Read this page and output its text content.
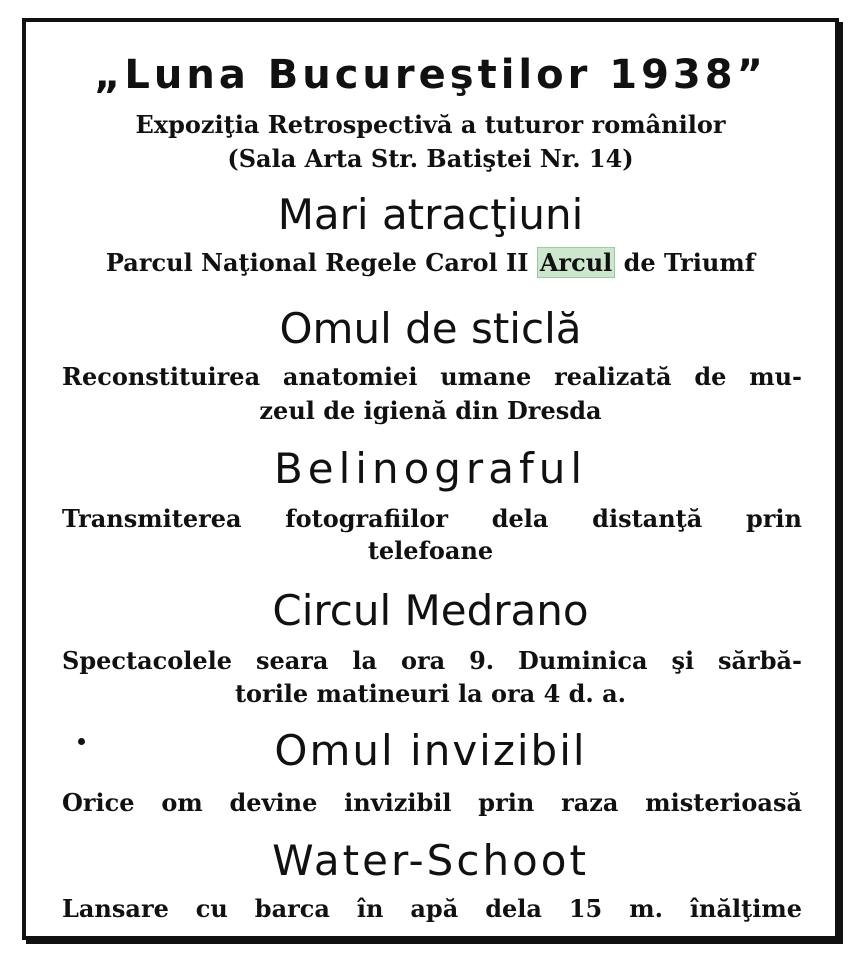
„Luna Bucureştilor 1938”
Expoziţia Retrospectivă a tuturor românilor
(Sala Arta Str. Batiştei Nr. 14)
Mari atracţiuni
Parcul Naţional Regele Carol II Arcul de Triumf
Omul de sticlă
Reconstituirea anatomiei umane realizată de mu-
zeul de igienă din Dresda
Belinograful
Transmiterea fotografiilor dela distanţă prin
telefoane
Circul Medrano
Spectacolele seara la ora 9. Duminica şi sărbă-
torile matineuri la ora 4 d. a.
Omul invizibil
Orice om devine invizibil prin raza misterioasă
Water-Schoot
Lansare cu barca în apă dela 15 m. înălţime
